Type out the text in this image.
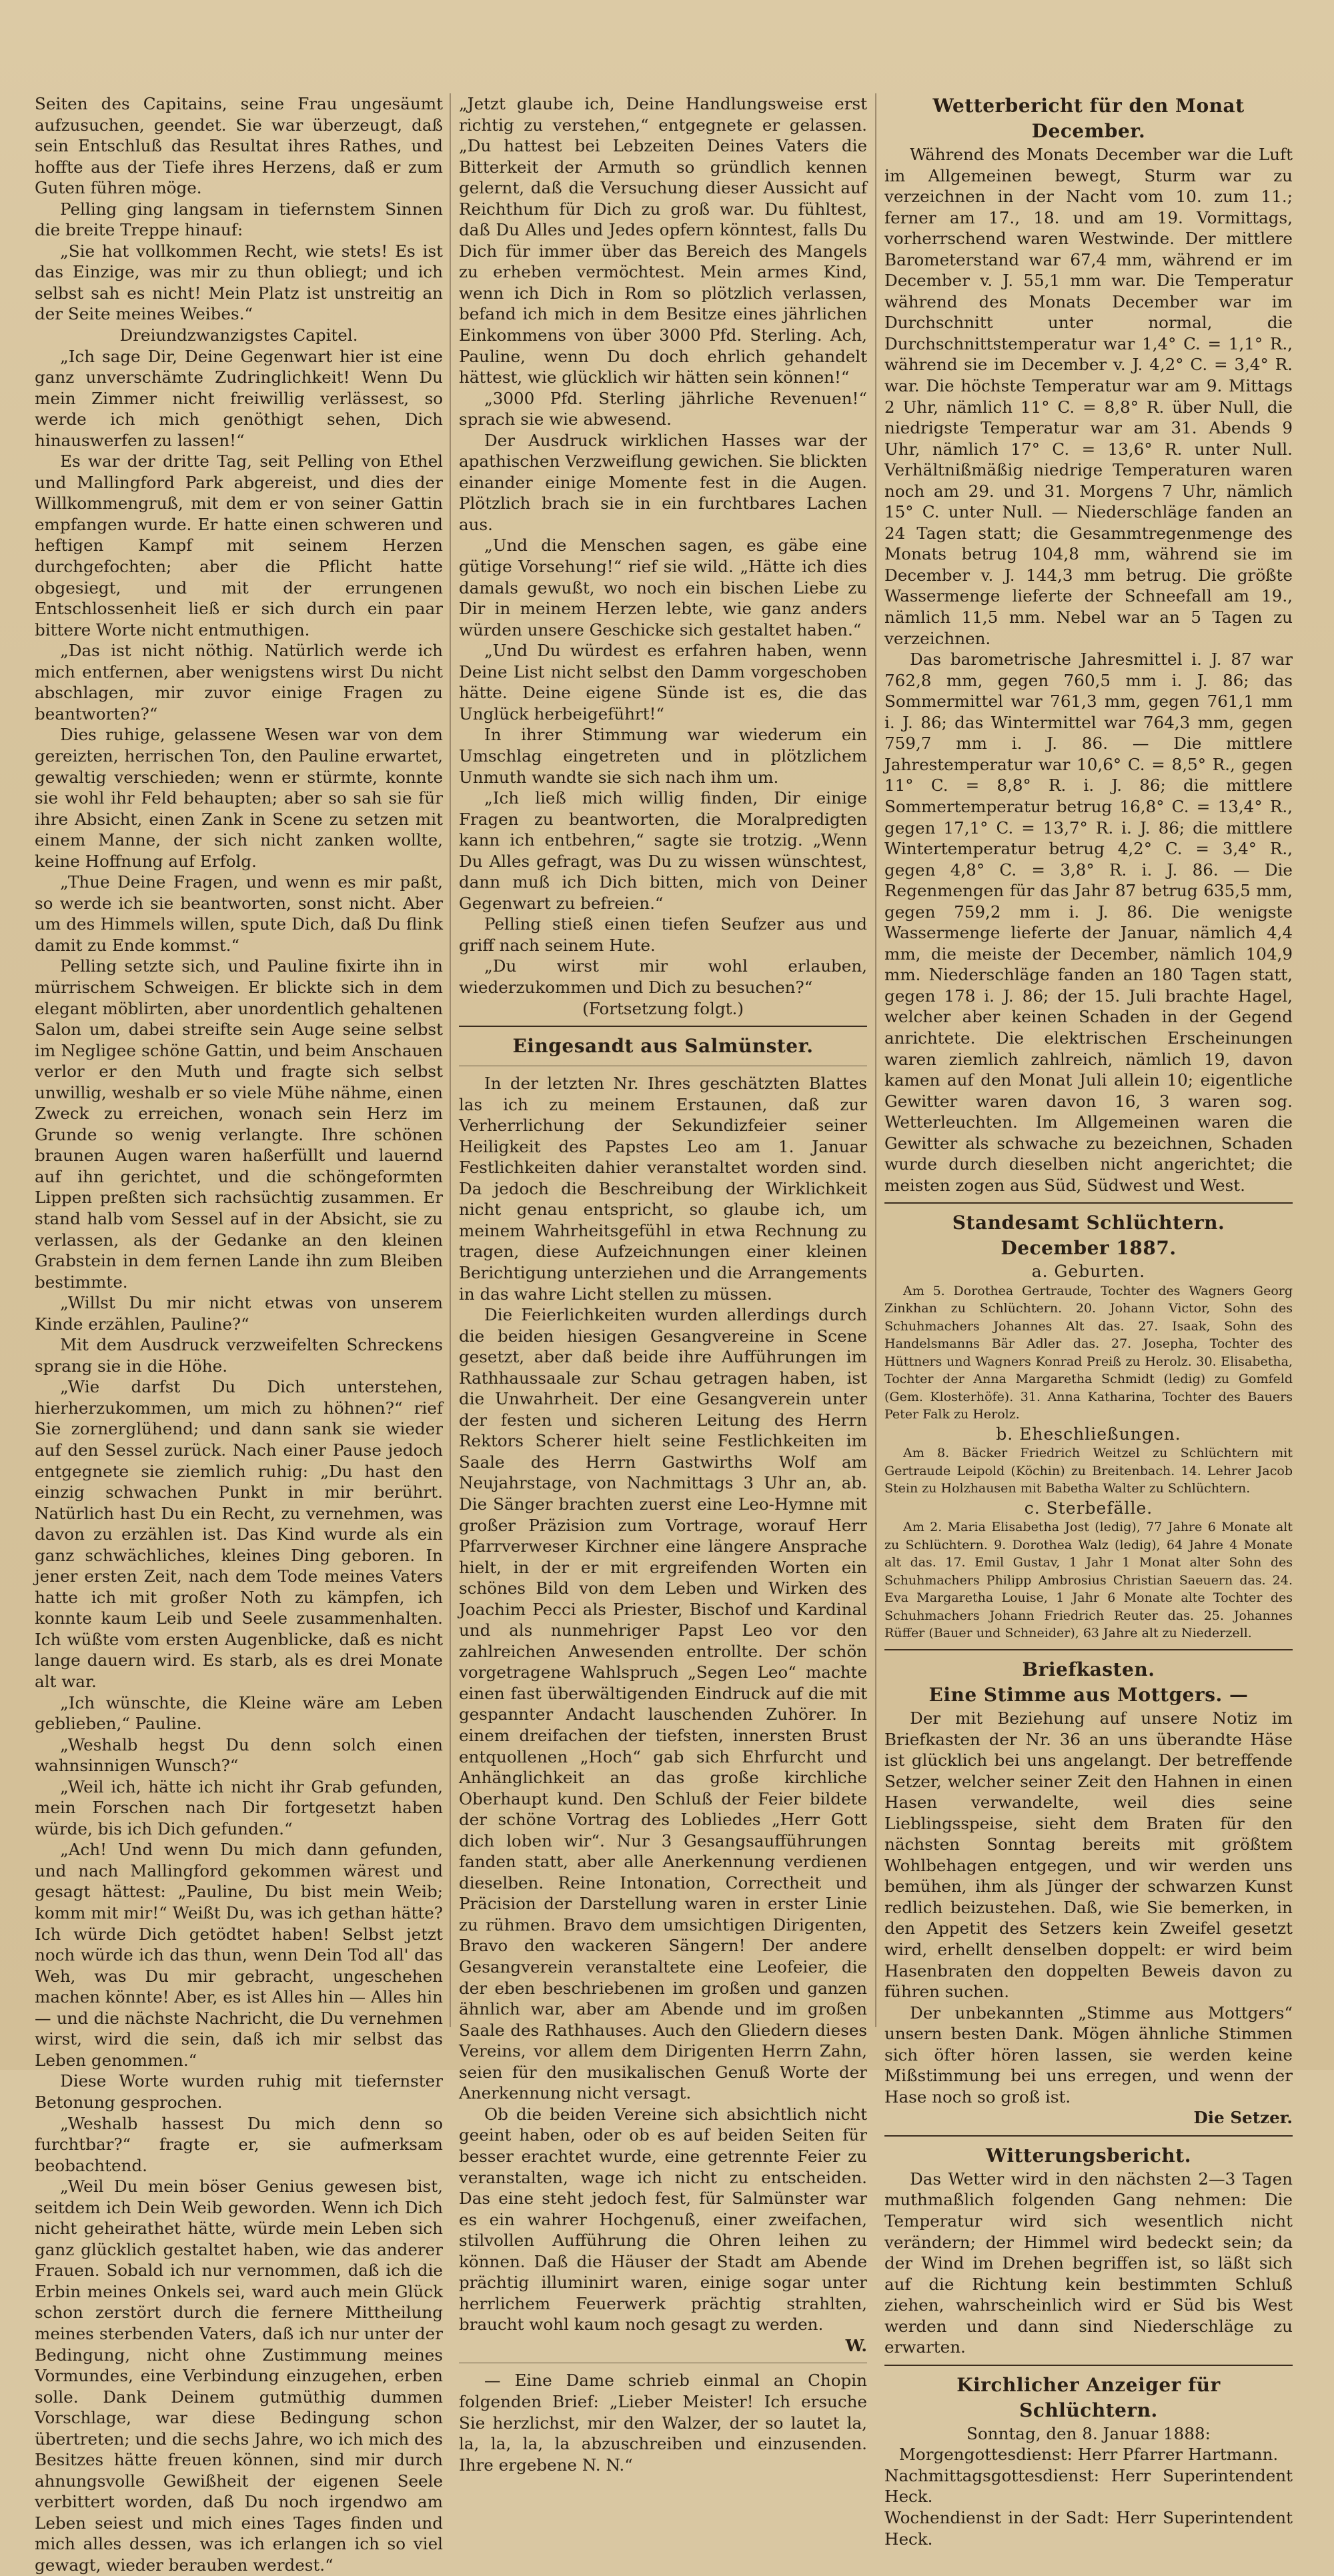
Seiten des Capitains, seine Frau ungesäumt aufzusuchen, geendet. Sie war überzeugt, daß sein Entschluß das Resultat ihres Rathes, und hoffte aus der Tiefe ihres Herzens, daß er zum Guten führen möge.

Pelling ging langsam in tiefernstem Sinnen die breite Treppe hinauf:

„Sie hat vollkommen Recht, wie stets! Es ist das Einzige, was mir zu thun obliegt; und ich selbst sah es nicht! Mein Platz ist unstreitig an der Seite meines Weibes.“

Dreiundzwanzigstes Capitel.

„Ich sage Dir, Deine Gegenwart hier ist eine ganz unverschämte Zudringlichkeit! Wenn Du mein Zimmer nicht freiwillig verlässest, so werde ich mich genöthigt sehen, Dich hinauswerfen zu lassen!“

Es war der dritte Tag, seit Pelling von Ethel und Mallingford Park abgereist, und dies der Willkommengruß, mit dem er von seiner Gattin empfangen wurde. Er hatte einen schweren und heftigen Kampf mit seinem Herzen durchgefochten; aber die Pflicht hatte obgesiegt, und mit der errungenen Entschlossenheit ließ er sich durch ein paar bittere Worte nicht entmuthigen.

„Das ist nicht nöthig. Natürlich werde ich mich entfernen, aber wenigstens wirst Du nicht abschlagen, mir zuvor einige Fragen zu beantworten?“

Dies ruhige, gelassene Wesen war von dem gereizten, herrischen Ton, den Pauline erwartet, gewaltig verschieden; wenn er stürmte, konnte sie wohl ihr Feld behaupten; aber so sah sie für ihre Absicht, einen Zank in Scene zu setzen mit einem Manne, der sich nicht zanken wollte, keine Hoffnung auf Erfolg.

„Thue Deine Fragen, und wenn es mir paßt, so werde ich sie beantworten, sonst nicht. Aber um des Himmels willen, spute Dich, daß Du flink damit zu Ende kommst.“

Pelling setzte sich, und Pauline fixirte ihn in mürrischem Schweigen. Er blickte sich in dem elegant möblirten, aber unordentlich gehaltenen Salon um, dabei streifte sein Auge seine selbst im Negligee schöne Gattin, und beim Anschauen verlor er den Muth und fragte sich selbst unwillig, weshalb er so viele Mühe nähme, einen Zweck zu erreichen, wonach sein Herz im Grunde so wenig verlangte. Ihre schönen braunen Augen waren haßerfüllt und lauernd auf ihn gerichtet, und die schöngeformten Lippen preßten sich rachsüchtig zusammen. Er stand halb vom Sessel auf in der Absicht, sie zu verlassen, als der Gedanke an den kleinen Grabstein in dem fernen Lande ihn zum Bleiben bestimmte.

„Willst Du mir nicht etwas von unserem Kinde erzählen, Pauline?“

Mit dem Ausdruck verzweifelten Schreckens sprang sie in die Höhe.

„Wie darfst Du Dich unterstehen, hierherzukommen, um mich zu höhnen?“ rief Sie zornerglühend; und dann sank sie wieder auf den Sessel zurück. Nach einer Pause jedoch entgegnete sie ziemlich ruhig: „Du hast den einzig schwachen Punkt in mir berührt. Natürlich hast Du ein Recht, zu vernehmen, was davon zu erzählen ist. Das Kind wurde als ein ganz schwächliches, kleines Ding geboren. In jener ersten Zeit, nach dem Tode meines Vaters hatte ich mit großer Noth zu kämpfen, ich konnte kaum Leib und Seele zusammenhalten. Ich wüßte vom ersten Augenblicke, daß es nicht lange dauern wird. Es starb, als es drei Monate alt war.

„Ich wünschte, die Kleine wäre am Leben geblieben,“ Pauline.

„Weshalb hegst Du denn solch einen wahnsinnigen Wunsch?“

„Weil ich, hätte ich nicht ihr Grab gefunden, mein Forschen nach Dir fortgesetzt haben würde, bis ich Dich gefunden.“

„Ach! Und wenn Du mich dann gefunden, und nach Mallingford gekommen wärest und gesagt hättest: „Pauline, Du bist mein Weib; komm mit mir!“ Weißt Du, was ich gethan hätte? Ich würde Dich getödtet haben! Selbst jetzt noch würde ich das thun, wenn Dein Tod all' das Weh, was Du mir gebracht, ungeschehen machen könnte! Aber, es ist Alles hin — Alles hin — und die nächste Nachricht, die Du vernehmen wirst, wird die sein, daß ich mir selbst das Leben genommen.“

Diese Worte wurden ruhig mit tiefernster Betonung gesprochen.

„Weshalb hassest Du mich denn so furchtbar?“ fragte er, sie aufmerksam beobachtend.

„Weil Du mein böser Genius gewesen bist, seitdem ich Dein Weib geworden. Wenn ich Dich nicht geheirathet hätte, würde mein Leben sich ganz glücklich gestaltet haben, wie das anderer Frauen. Sobald ich nur vernommen, daß ich die Erbin meines Onkels sei, ward auch mein Glück schon zerstört durch die fernere Mittheilung meines sterbenden Vaters, daß ich nur unter der Bedingung, nicht ohne Zustimmung meines Vormundes, eine Verbindung einzugehen, erben solle. Dank Deinem gutmüthig dummen Vorschlage, war diese Bedingung schon übertreten; und die sechs Jahre, wo ich mich des Besitzes hätte freuen können, sind mir durch ahnungsvolle Gewißheit der eigenen Seele verbittert worden, daß Du noch irgendwo am Leben seiest und mich eines Tages finden und mich alles dessen, was ich erlangen ich so viel gewagt, wieder berauben werdest.“

„Jetzt glaube ich, Deine Handlungsweise erst richtig zu verstehen,“ entgegnete er gelassen. „Du hattest bei Lebzeiten Deines Vaters die Bitterkeit der Armuth so gründlich kennen gelernt, daß die Versuchung dieser Aussicht auf Reichthum für Dich zu groß war. Du fühltest, daß Du Alles und Jedes opfern könntest, falls Du Dich für immer über das Bereich des Mangels zu erheben vermöchtest. Mein armes Kind, wenn ich Dich in Rom so plötzlich verlassen, befand ich mich in dem Besitze eines jährlichen Einkommens von über 3000 Pfd. Sterling. Ach, Pauline, wenn Du doch ehrlich gehandelt hättest, wie glücklich wir hätten sein können!“

„3000 Pfd. Sterling jährliche Revenuen!“ sprach sie wie abwesend.

Der Ausdruck wirklichen Hasses war der apathischen Verzweiflung gewichen. Sie blickten einander einige Momente fest in die Augen. Plötzlich brach sie in ein furchtbares Lachen aus.

„Und die Menschen sagen, es gäbe eine gütige Vorsehung!“ rief sie wild. „Hätte ich dies damals gewußt, wo noch ein bischen Liebe zu Dir in meinem Herzen lebte, wie ganz anders würden unsere Geschicke sich gestaltet haben.“

„Und Du würdest es erfahren haben, wenn Deine List nicht selbst den Damm vorgeschoben hätte. Deine eigene Sünde ist es, die das Unglück herbeigeführt!“

In ihrer Stimmung war wiederum ein Umschlag eingetreten und in plötzlichem Unmuth wandte sie sich nach ihm um.

„Ich ließ mich willig finden, Dir einige Fragen zu beantworten, die Moralpredigten kann ich entbehren,“ sagte sie trotzig. „Wenn Du Alles gefragt, was Du zu wissen wünschtest, dann muß ich Dich bitten, mich von Deiner Gegenwart zu befreien.“

Pelling stieß einen tiefen Seufzer aus und griff nach seinem Hute.

„Du wirst mir wohl erlauben, wiederzukommen und Dich zu besuchen?“

(Fortsetzung folgt.)

Eingesandt aus Salmünster.

In der letzten Nr. Ihres geschätzten Blattes las ich zu meinem Erstaunen, daß zur Verherrlichung der Sekundizfeier seiner Heiligkeit des Papstes Leo am 1. Januar Festlichkeiten dahier veranstaltet worden sind. Da jedoch die Beschreibung der Wirklichkeit nicht genau entspricht, so glaube ich, um meinem Wahrheitsgefühl in etwa Rechnung zu tragen, diese Aufzeichnungen einer kleinen Berichtigung unterziehen und die Arrangements in das wahre Licht stellen zu müssen.

Die Feierlichkeiten wurden allerdings durch die beiden hiesigen Gesangvereine in Scene gesetzt, aber daß beide ihre Aufführungen im Rathhaussaale zur Schau getragen haben, ist die Unwahrheit. Der eine Gesangverein unter der festen und sicheren Leitung des Herrn Rektors Scherer hielt seine Festlichkeiten im Saale des Herrn Gastwirths Wolf am Neujahrstage, von Nachmittags 3 Uhr an, ab. Die Sänger brachten zuerst eine Leo-Hymne mit großer Präzision zum Vortrage, worauf Herr Pfarrverweser Kirchner eine längere Ansprache hielt, in der er mit ergreifenden Worten ein schönes Bild von dem Leben und Wirken des Joachim Pecci als Priester, Bischof und Kardinal und als nunmehriger Papst Leo vor den zahlreichen Anwesenden entrollte. Der schön vorgetragene Wahlspruch „Segen Leo“ machte einen fast überwältigenden Eindruck auf die mit gespannter Andacht lauschenden Zuhörer. In einem dreifachen der tiefsten, innersten Brust entquollenen „Hoch“ gab sich Ehrfurcht und Anhänglichkeit an das große kirchliche Oberhaupt kund. Den Schluß der Feier bildete der schöne Vortrag des Lobliedes „Herr Gott dich loben wir“. Nur 3 Gesangsaufführungen fanden statt, aber alle Anerkennung verdienen dieselben. Reine Intonation, Correctheit und Präcision der Darstellung waren in erster Linie zu rühmen. Bravo dem umsichtigen Dirigenten, Bravo den wackeren Sängern! Der andere Gesangverein veranstaltete eine Leofeier, die der eben beschriebenen im großen und ganzen ähnlich war, aber am Abende und im großen Saale des Rathhauses. Auch den Gliedern dieses Vereins, vor allem dem Dirigenten Herrn Zahn, seien für den musikalischen Genuß Worte der Anerkennung nicht versagt.

Ob die beiden Vereine sich absichtlich nicht geeint haben, oder ob es auf beiden Seiten für besser erachtet wurde, eine getrennte Feier zu veranstalten, wage ich nicht zu entscheiden. Das eine steht jedoch fest, für Salmünster war es ein wahrer Hochgenuß, einer zweifachen, stilvollen Aufführung die Ohren leihen zu können. Daß die Häuser der Stadt am Abende prächtig illuminirt waren, einige sogar unter herrlichem Feuerwerk prächtig strahlten, braucht wohl kaum noch gesagt zu werden.

W.

— Eine Dame schrieb einmal an Chopin folgenden Brief: „Lieber Meister! Ich ersuche Sie herzlichst, mir den Walzer, der so lautet la, la, la, la, la abzuschreiben und einzusenden. Ihre ergebene N. N.“

Wetterbericht für den Monat December.

Während des Monats December war die Luft im Allgemeinen bewegt, Sturm war zu verzeichnen in der Nacht vom 10. zum 11.; ferner am 17., 18. und am 19. Vormittags, vorherrschend waren Westwinde. Der mittlere Barometerstand war 67,4 mm, während er im December v. J. 55,1 mm war. Die Temperatur während des Monats December war im Durchschnitt unter normal, die Durchschnittstemperatur war 1,4° C. = 1,1° R., während sie im December v. J. 4,2° C. = 3,4° R. war. Die höchste Temperatur war am 9. Mittags 2 Uhr, nämlich 11° C. = 8,8° R. über Null, die niedrigste Temperatur war am 31. Abends 9 Uhr, nämlich 17° C. = 13,6° R. unter Null. Verhältnißmäßig niedrige Temperaturen waren noch am 29. und 31. Morgens 7 Uhr, nämlich 15° C. unter Null. — Niederschläge fanden an 24 Tagen statt; die Gesammtregenmenge des Monats betrug 104,8 mm, während sie im December v. J. 144,3 mm betrug. Die größte Wassermenge lieferte der Schneefall am 19., nämlich 11,5 mm. Nebel war an 5 Tagen zu verzeichnen.

Das barometrische Jahresmittel i. J. 87 war 762,8 mm, gegen 760,5 mm i. J. 86; das Sommermittel war 761,3 mm, gegen 761,1 mm i. J. 86; das Wintermittel war 764,3 mm, gegen 759,7 mm i. J. 86. — Die mittlere Jahrestemperatur war 10,6° C. = 8,5° R., gegen 11° C. = 8,8° R. i. J. 86; die mittlere Sommertemperatur betrug 16,8° C. = 13,4° R., gegen 17,1° C. = 13,7° R. i. J. 86; die mittlere Wintertemperatur betrug 4,2° C. = 3,4° R., gegen 4,8° C. = 3,8° R. i. J. 86. — Die Regenmengen für das Jahr 87 betrug 635,5 mm, gegen 759,2 mm i. J. 86. Die wenigste Wassermenge lieferte der Januar, nämlich 4,4 mm, die meiste der December, nämlich 104,9 mm. Niederschläge fanden an 180 Tagen statt, gegen 178 i. J. 86; der 15. Juli brachte Hagel, welcher aber keinen Schaden in der Gegend anrichtete. Die elektrischen Erscheinungen waren ziemlich zahlreich, nämlich 19, davon kamen auf den Monat Juli allein 10; eigentliche Gewitter waren davon 16, 3 waren sog. Wetterleuchten. Im Allgemeinen waren die Gewitter als schwache zu bezeichnen, Schaden wurde durch dieselben nicht angerichtet; die meisten zogen aus Süd, Südwest und West.

Standesamt Schlüchtern.

December 1887.

a. Geburten.

Am 5. Dorothea Gertraude, Tochter des Wagners Georg Zinkhan zu Schlüchtern. 20. Johann Victor, Sohn des Schuhmachers Johannes Alt das. 27. Isaak, Sohn des Handelsmanns Bär Adler das. 27. Josepha, Tochter des Hüttners und Wagners Konrad Preiß zu Herolz. 30. Elisabetha, Tochter der Anna Margaretha Schmidt (ledig) zu Gomfeld (Gem. Klosterhöfe). 31. Anna Katharina, Tochter des Bauers Peter Falk zu Herolz.

b. Eheschließungen.

Am 8. Bäcker Friedrich Weitzel zu Schlüchtern mit Gertraude Leipold (Köchin) zu Breitenbach. 14. Lehrer Jacob Stein zu Holzhausen mit Babetha Walter zu Schlüchtern.

c. Sterbefälle.

Am 2. Maria Elisabetha Jost (ledig), 77 Jahre 6 Monate alt zu Schlüchtern. 9. Dorothea Walz (ledig), 64 Jahre 4 Monate alt das. 17. Emil Gustav, 1 Jahr 1 Monat alter Sohn des Schuhmachers Philipp Ambrosius Christian Saeuern das. 24. Eva Margaretha Louise, 1 Jahr 6 Monate alte Tochter des Schuhmachers Johann Friedrich Reuter das. 25. Johannes Rüffer (Bauer und Schneider), 63 Jahre alt zu Niederzell.

Briefkasten.

Eine Stimme aus Mottgers. —

Der mit Beziehung auf unsere Notiz im Briefkasten der Nr. 36 an uns überandte Häse ist glücklich bei uns angelangt. Der betreffende Setzer, welcher seiner Zeit den Hahnen in einen Hasen verwandelte, weil dies seine Lieblingsspeise, sieht dem Braten für den nächsten Sonntag bereits mit größtem Wohlbehagen entgegen, und wir werden uns bemühen, ihm als Jünger der schwarzen Kunst redlich beizustehen. Daß, wie Sie bemerken, in den Appetit des Setzers kein Zweifel gesetzt wird, erhellt denselben doppelt: er wird beim Hasenbraten den doppelten Beweis davon zu führen suchen.

Der unbekannten „Stimme aus Mottgers“ unsern besten Dank. Mögen ähnliche Stimmen sich öfter hören lassen, sie werden keine Mißstimmung bei uns erregen, und wenn der Hase noch so groß ist.

Die Setzer.

Witterungsbericht.

Das Wetter wird in den nächsten 2—3 Tagen muthmaßlich folgenden Gang nehmen: Die Temperatur wird sich wesentlich nicht verändern; der Himmel wird bedeckt sein; da der Wind im Drehen begriffen ist, so läßt sich auf die Richtung kein bestimmten Schluß ziehen, wahrscheinlich wird er Süd bis West werden und dann sind Niederschläge zu erwarten.

Kirchlicher Anzeiger für Schlüchtern.

Sonntag, den 8. Januar 1888:

Morgengottesdienst: Herr Pfarrer Hartmann.

Nachmittagsgottesdienst: Herr Superintendent Heck.

Wochendienst in der Sadt: Herr Superintendent Heck.
